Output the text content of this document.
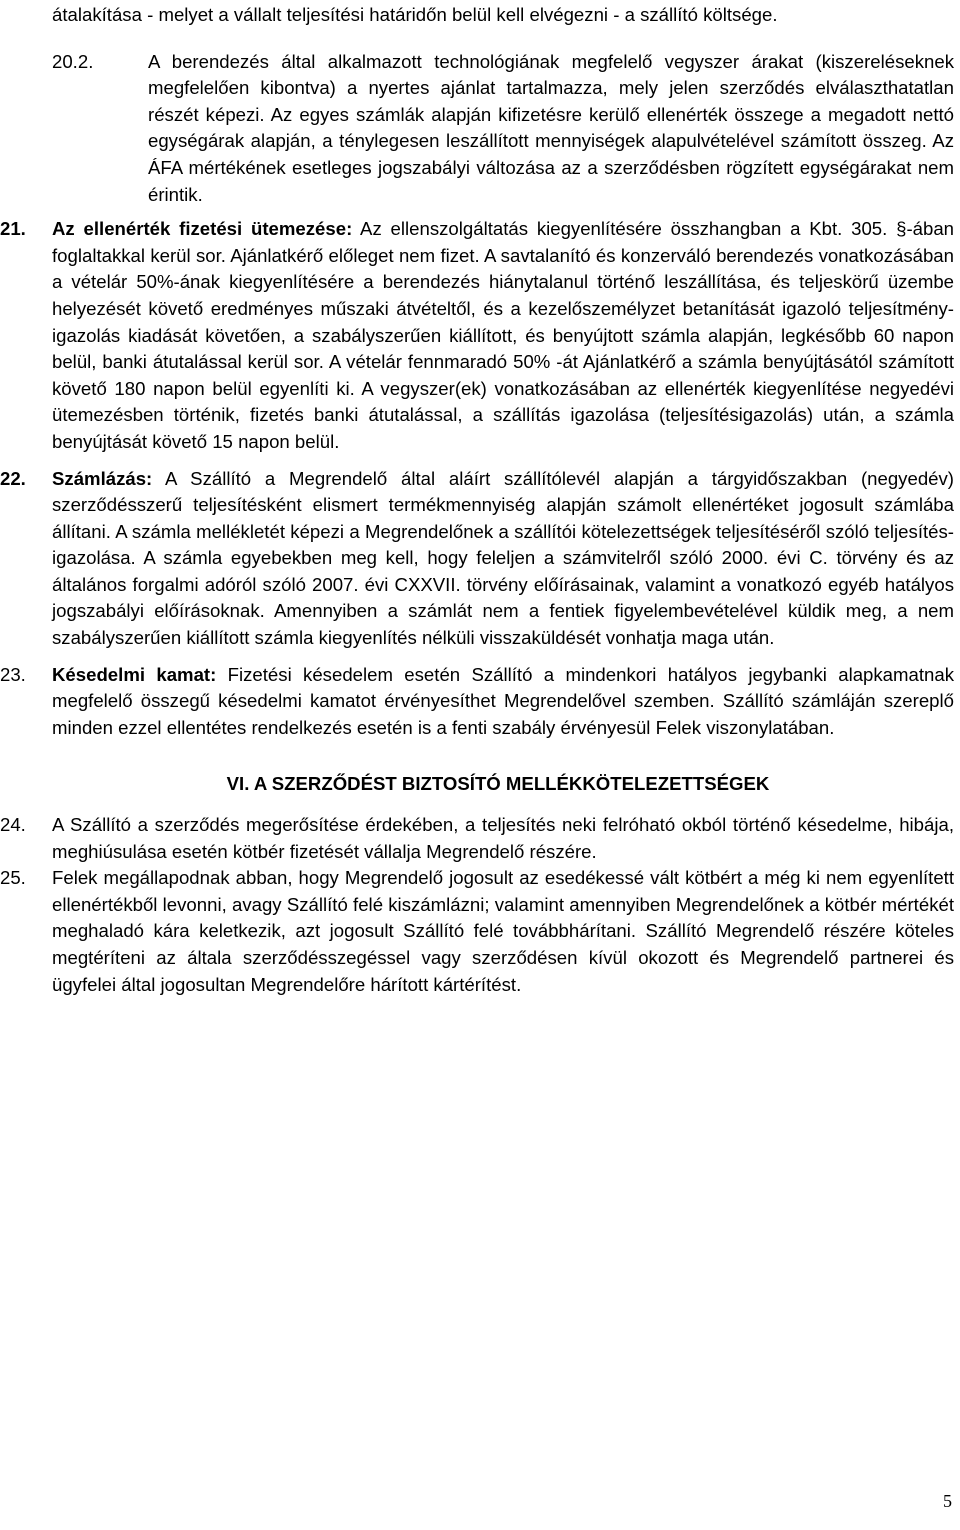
átalakítása - melyet a vállalt teljesítési határidőn belül kell elvégezni - a szállító költsége.

20.2.	A berendezés által alkalmazott technológiának megfelelő vegyszer árakat (kiszereléseknek megfelelően kibontva) a nyertes ajánlat tartalmazza, mely jelen szerződés elválaszthatatlan részét képezi. Az egyes számlák alapján kifizetésre kerülő ellenérték összege a megadott nettó egységárak alapján, a ténylegesen leszállított mennyiségek alapulvételével számított összeg. Az ÁFA mértékének esetleges jogszabályi változása az a szerződésben rögzített egységárakat nem érintik.

21.	Az ellenérték fizetési ütemezése: Az ellenszolgáltatás kiegyenlítésére összhangban a Kbt. 305. §-ában foglaltakkal kerül sor. Ajánlatkérő előleget nem fizet. A savtalanító és konzerváló berendezés vonatkozásában a vételár 50%-ának kiegyenlítésére a berendezés hiánytalanul történő leszállítása, és teljeskörű üzembe helyezését követő eredményes műszaki átvételtől, és a kezelőszemélyzet betanítását igazoló teljesítmény-igazolás kiadását követően, a szabályszerűen kiállított, és benyújtott számla alapján, legkésőbb 60 napon belül, banki átutalással kerül sor. A vételár fennmaradó 50% -át Ajánlatkérő a számla benyújtásától számított követő 180 napon belül egyenlíti ki. A vegyszer(ek) vonatkozásában az ellenérték kiegyenlítése negyedévi ütemezésben történik, fizetés banki átutalással, a szállítás igazolása (teljesítésigazolás) után, a számla benyújtását követő 15 napon belül.

22.	Számlázás: A Szállító a Megrendelő által aláírt szállítólevél alapján a tárgyidőszakban (negyedév) szerződésszerű teljesítésként elismert termékmennyiség alapján számolt ellenértéket jogosult számlába állítani. A számla mellékletét képezi a Megrendelőnek a szállítói kötelezettségek teljesítéséről szóló teljesítés-igazolása. A számla egyebekben meg kell, hogy feleljen a számvitelről szóló 2000. évi C. törvény és az általános forgalmi adóról szóló 2007. évi CXXVII. törvény előírásainak, valamint a vonatkozó egyéb hatályos jogszabályi előírásoknak. Amennyiben a számlát nem a fentiek figyelembevételével küldik meg, a nem szabályszerűen kiállított számla kiegyenlítés nélküli visszaküldését vonhatja maga után.

23.	Késedelmi kamat: Fizetési késedelem esetén Szállító a mindenkori hatályos jegybanki alapkamatnak megfelelő összegű késedelmi kamatot érvényesíthet Megrendelővel szemben. Szállító számláján szereplő minden ezzel ellentétes rendelkezés esetén is a fenti szabály érvényesül Felek viszonylatában.

VI. A SZERZŐDÉST BIZTOSÍTÓ MELLÉKKÖTELEZETTSÉGEK

24.	A Szállító a szerződés megerősítése érdekében, a teljesítés neki felróható okból történő késedelme, hibája, meghiúsulása esetén kötbér fizetését vállalja Megrendelő részére.

25.	Felek megállapodnak abban, hogy Megrendelő jogosult az esedékessé vált kötbért a még ki nem egyenlített ellenértékből levonni, avagy Szállító felé kiszámlázni; valamint amennyiben Megrendelőnek a kötbér mértékét meghaladó kára keletkezik, azt jogosult Szállító felé továbbhárítani. Szállító Megrendelő részére köteles megtéríteni az általa szerződésszegéssel vagy szerződésen kívül okozott és Megrendelő partnerei és ügyfelei által jogosultan Megrendelőre hárított kártérítést.

5
